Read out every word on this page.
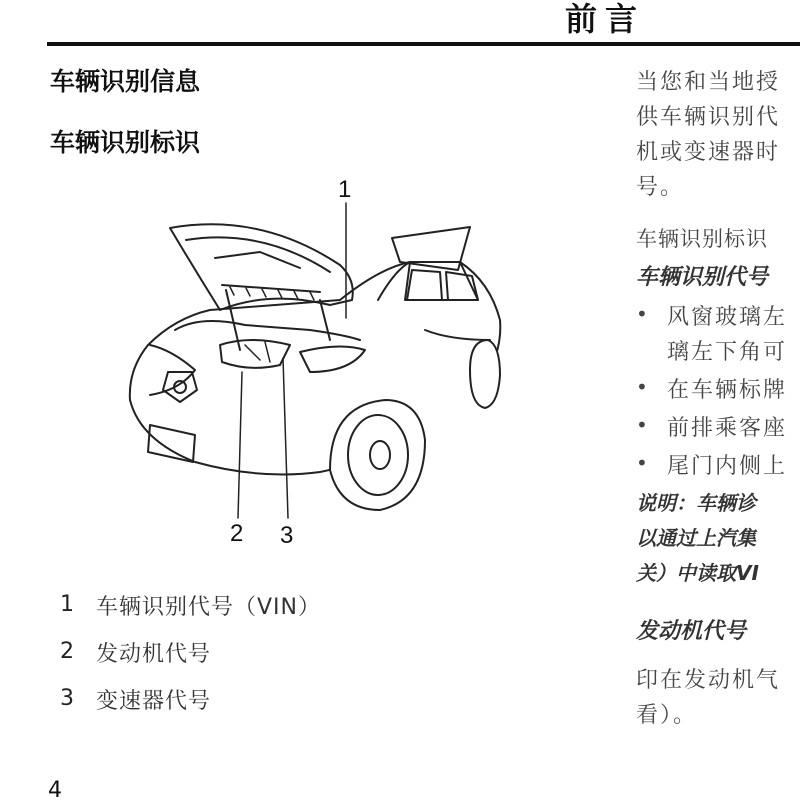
前言
车辆识别信息
车辆识别标识
1
2 3
1 车辆识别代号（VIN）
2 发动机代号
3 变速器代号
当您和当地授
供车辆识别代
机或变速器时
号。
车辆识别标识
车辆识别代号
• 风窗玻璃左
璃左下角可
• 在车辆标牌
• 前排乘客座
• 尾门内侧上
说明：车辆诊
以通过上汽集
关）中读取VI
发动机代号
印在发动机气
看）。
4
